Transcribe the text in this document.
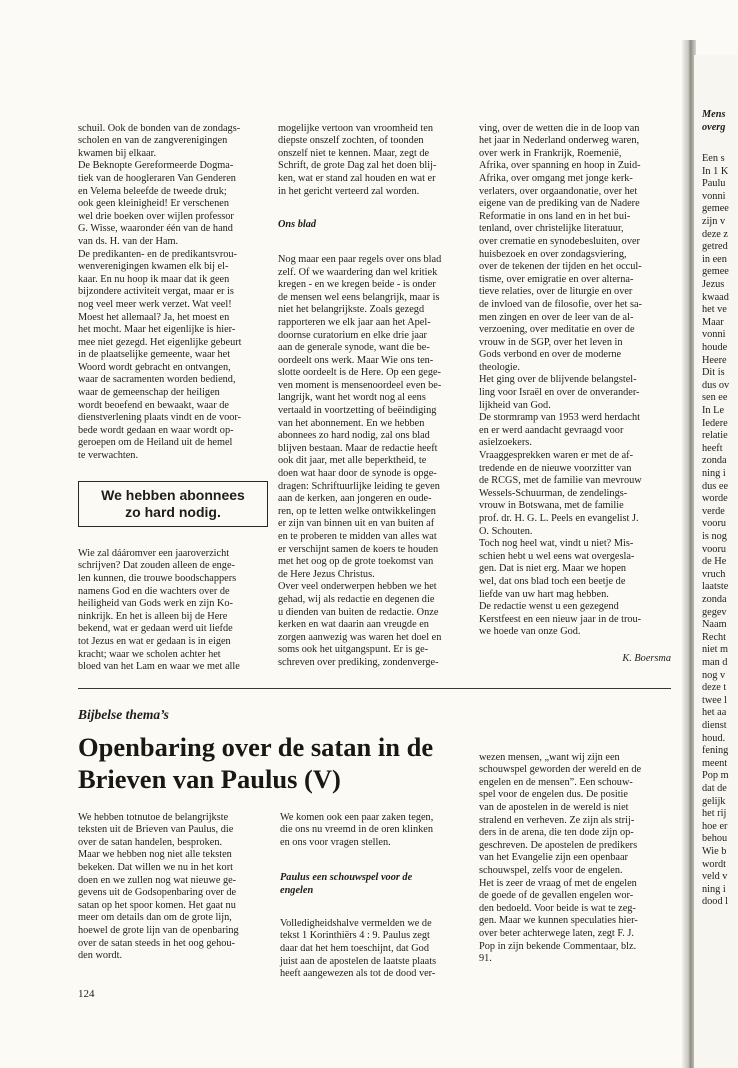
Mens
overg
Een s
In 1 K
Paulu
vonni
gemee
zijn v
deze z
getred
in een
gemee
Jezus
kwaad
het ve
Maar
vonni
houde
Heere
Dit is
dus ov
sen ee
In Le
Iedere
relatie
heeft
zonda
ning i
dus ee
worde
verde
vooru
is nog
vooru
de He
vruch
laatste
zonda
gegev
Naam
Recht
niet m
man d
nog v
deze t
twee l
het aa
dienst
houd.
fening
meent
Pop m
dat de
gelijk
het rij
hoe er
behou
Wie b
wordt
veld v
ning i
dood l

schuil. Ook de bonden van de zondags-
scholen en van de zangverenigingen
kwamen bij elkaar.
De Beknopte Gereformeerde Dogma-
tiek van de hoogleraren Van Genderen
en Velema beleefde de tweede druk;
ook geen kleinigheid! Er verschenen
wel drie boeken over wijlen professor
G. Wisse, waaronder één van de hand
van ds. H. van der Ham.
De predikanten- en de predikantsvrou-
wenverenigingen kwamen elk bij el-
kaar. En nu hoop ik maar dat ik geen
bijzondere activiteit vergat, maar er is
nog veel meer werk verzet. Wat veel!
Moest het allemaal? Ja, het moest en
het mocht. Maar het eigenlijke is hier-
mee niet gezegd. Het eigenlijke gebeurt
in de plaatselijke gemeente, waar het
Woord wordt gebracht en ontvangen,
waar de sacramenten worden bediend,
waar de gemeenschap der heiligen
wordt beoefend en bewaakt, waar de
dienstverlening plaats vindt en de voor-
bede wordt gedaan en waar wordt op-
geroepen om de Heiland uit de hemel
te verwachten.

We hebben abonnees
zo hard nodig.

Wie zal dááromver een jaaroverzicht
schrijven? Dat zouden alleen de enge-
len kunnen, die trouwe boodschappers
namens God en die wachters over de
heiligheid van Gods werk en zijn Ko-
ninkrijk. En het is alleen bij de Here
bekend, wat er gedaan werd uit liefde
tot Jezus en wat er gedaan is in eigen
kracht; waar we scholen achter het
bloed van het Lam en waar we met alle

mogelijke vertoon van vroomheid ten
diepste onszelf zochten, of toonden
onszelf niet te kennen. Maar, zegt de
Schrift, de grote Dag zal het doen blij-
ken, wat er stand zal houden en wat er
in het gericht verteerd zal worden.

Ons blad

Nog maar een paar regels over ons blad
zelf. Of we waardering dan wel kritiek
kregen - en we kregen beide - is onder
de mensen wel eens belangrijk, maar is
niet het belangrijkste. Zoals gezegd
rapporteren we elk jaar aan het Apel-
doornse curatorium en elke drie jaar
aan de generale synode, want die be-
oordeelt ons werk. Maar Wie ons ten-
slotte oordeelt is de Here. Op een gege-
ven moment is mensenoordeel even be-
langrijk, want het wordt nog al eens
vertaald in voortzetting of beëindiging
van het abonnement. En we hebben
abonnees zo hard nodig, zal ons blad
blijven bestaan. Maar de redactie heeft
ook dit jaar, met alle beperktheid, te
doen wat haar door de synode is opge-
dragen: Schriftuurlijke leiding te geven
aan de kerken, aan jongeren en oude-
ren, op te letten welke ontwikkelingen
er zijn van binnen uit en van buiten af
en te proberen te midden van alles wat
er verschijnt samen de koers te houden
met het oog op de grote toekomst van
de Here Jezus Christus.
Over veel onderwerpen hebben we het
gehad, wij als redactie en degenen die
u dienden van buiten de redactie. Onze
kerken en wat daarin aan vreugde en
zorgen aanwezig was waren het doel en
soms ook het uitgangspunt. Er is ge-
schreven over prediking, zondenverge-

ving, over de wetten die in de loop van
het jaar in Nederland onderweg waren,
over werk in Frankrijk, Roemenië,
Afrika, over spanning en hoop in Zuid-
Afrika, over omgang met jonge kerk-
verlaters, over orgaandonatie, over het
eigene van de prediking van de Nadere
Reformatie in ons land en in het bui-
tenland, over christelijke literatuur,
over crematie en synodebesluiten, over
huisbezoek en over zondagsviering,
over de tekenen der tijden en het occul-
tisme, over emigratie en over alterna-
tieve relaties, over de liturgie en over
de invloed van de filosofie, over het sa-
men zingen en over de leer van de al-
verzoening, over meditatie en over de
vrouw in de SGP, over het leven in
Gods verbond en over de moderne
theologie.
Het ging over de blijvende belangstel-
ling voor Israël en over de onverander-
lijkheid van God.
De stormramp van 1953 werd herdacht
en er werd aandacht gevraagd voor
asielzoekers.
Vraaggesprekken waren er met de af-
tredende en de nieuwe voorzitter van
de RCGS, met de familie van mevrouw
Wessels-Schuurman, de zendelings-
vrouw in Botswana, met de familie
prof. dr. H. G. L. Peels en evangelist J.
O. Schouten.
Toch nog heel wat, vindt u niet? Mis-
schien hebt u wel eens wat overgesla-
gen. Dat is niet erg. Maar we hopen
wel, dat ons blad toch een beetje de
liefde van uw hart mag hebben.
De redactie wenst u een gezegend
Kerstfeest en een nieuw jaar in de trou-
we hoede van onze God.

K. Boersma

Bijbelse thema’s
Openbaring over de satan in de
Brieven van Paulus (V)

We hebben totnutoe de belangrijkste
teksten uit de Brieven van Paulus, die
over de satan handelen, besproken.
Maar we hebben nog niet alle teksten
bekeken. Dat willen we nu in het kort
doen en we zullen nog wat nieuwe ge-
gevens uit de Godsopenbaring over de
satan op het spoor komen. Het gaat nu
meer om details dan om de grote lijn,
hoewel de grote lijn van de openbaring
over de satan steeds in het oog gehou-
den wordt.

We komen ook een paar zaken tegen,
die ons nu vreemd in de oren klinken
en ons voor vragen stellen.

Paulus een schouwspel voor de
engelen

Volledigheidshalve vermelden we de
tekst 1 Korinthiërs 4 : 9. Paulus zegt
daar dat het hem toeschijnt, dat God
juist aan de apostelen de laatste plaats
heeft aangewezen als tot de dood ver-

wezen mensen, „want wij zijn een
schouwspel geworden der wereld en de
engelen en de mensen”. Een schouw-
spel voor de engelen dus. De positie
van de apostelen in de wereld is niet
stralend en verheven. Ze zijn als strij-
ders in de arena, die ten dode zijn op-
geschreven. De apostelen de predikers
van het Evangelie zijn een openbaar
schouwspel, zelfs voor de engelen.
Het is zeer de vraag of met de engelen
de goede of de gevallen engelen wor-
den bedoeld. Voor beide is wat te zeg-
gen. Maar we kunnen speculaties hier-
over beter achterwege laten, zegt F. J.
Pop in zijn bekende Commentaar, blz.
91.

124
